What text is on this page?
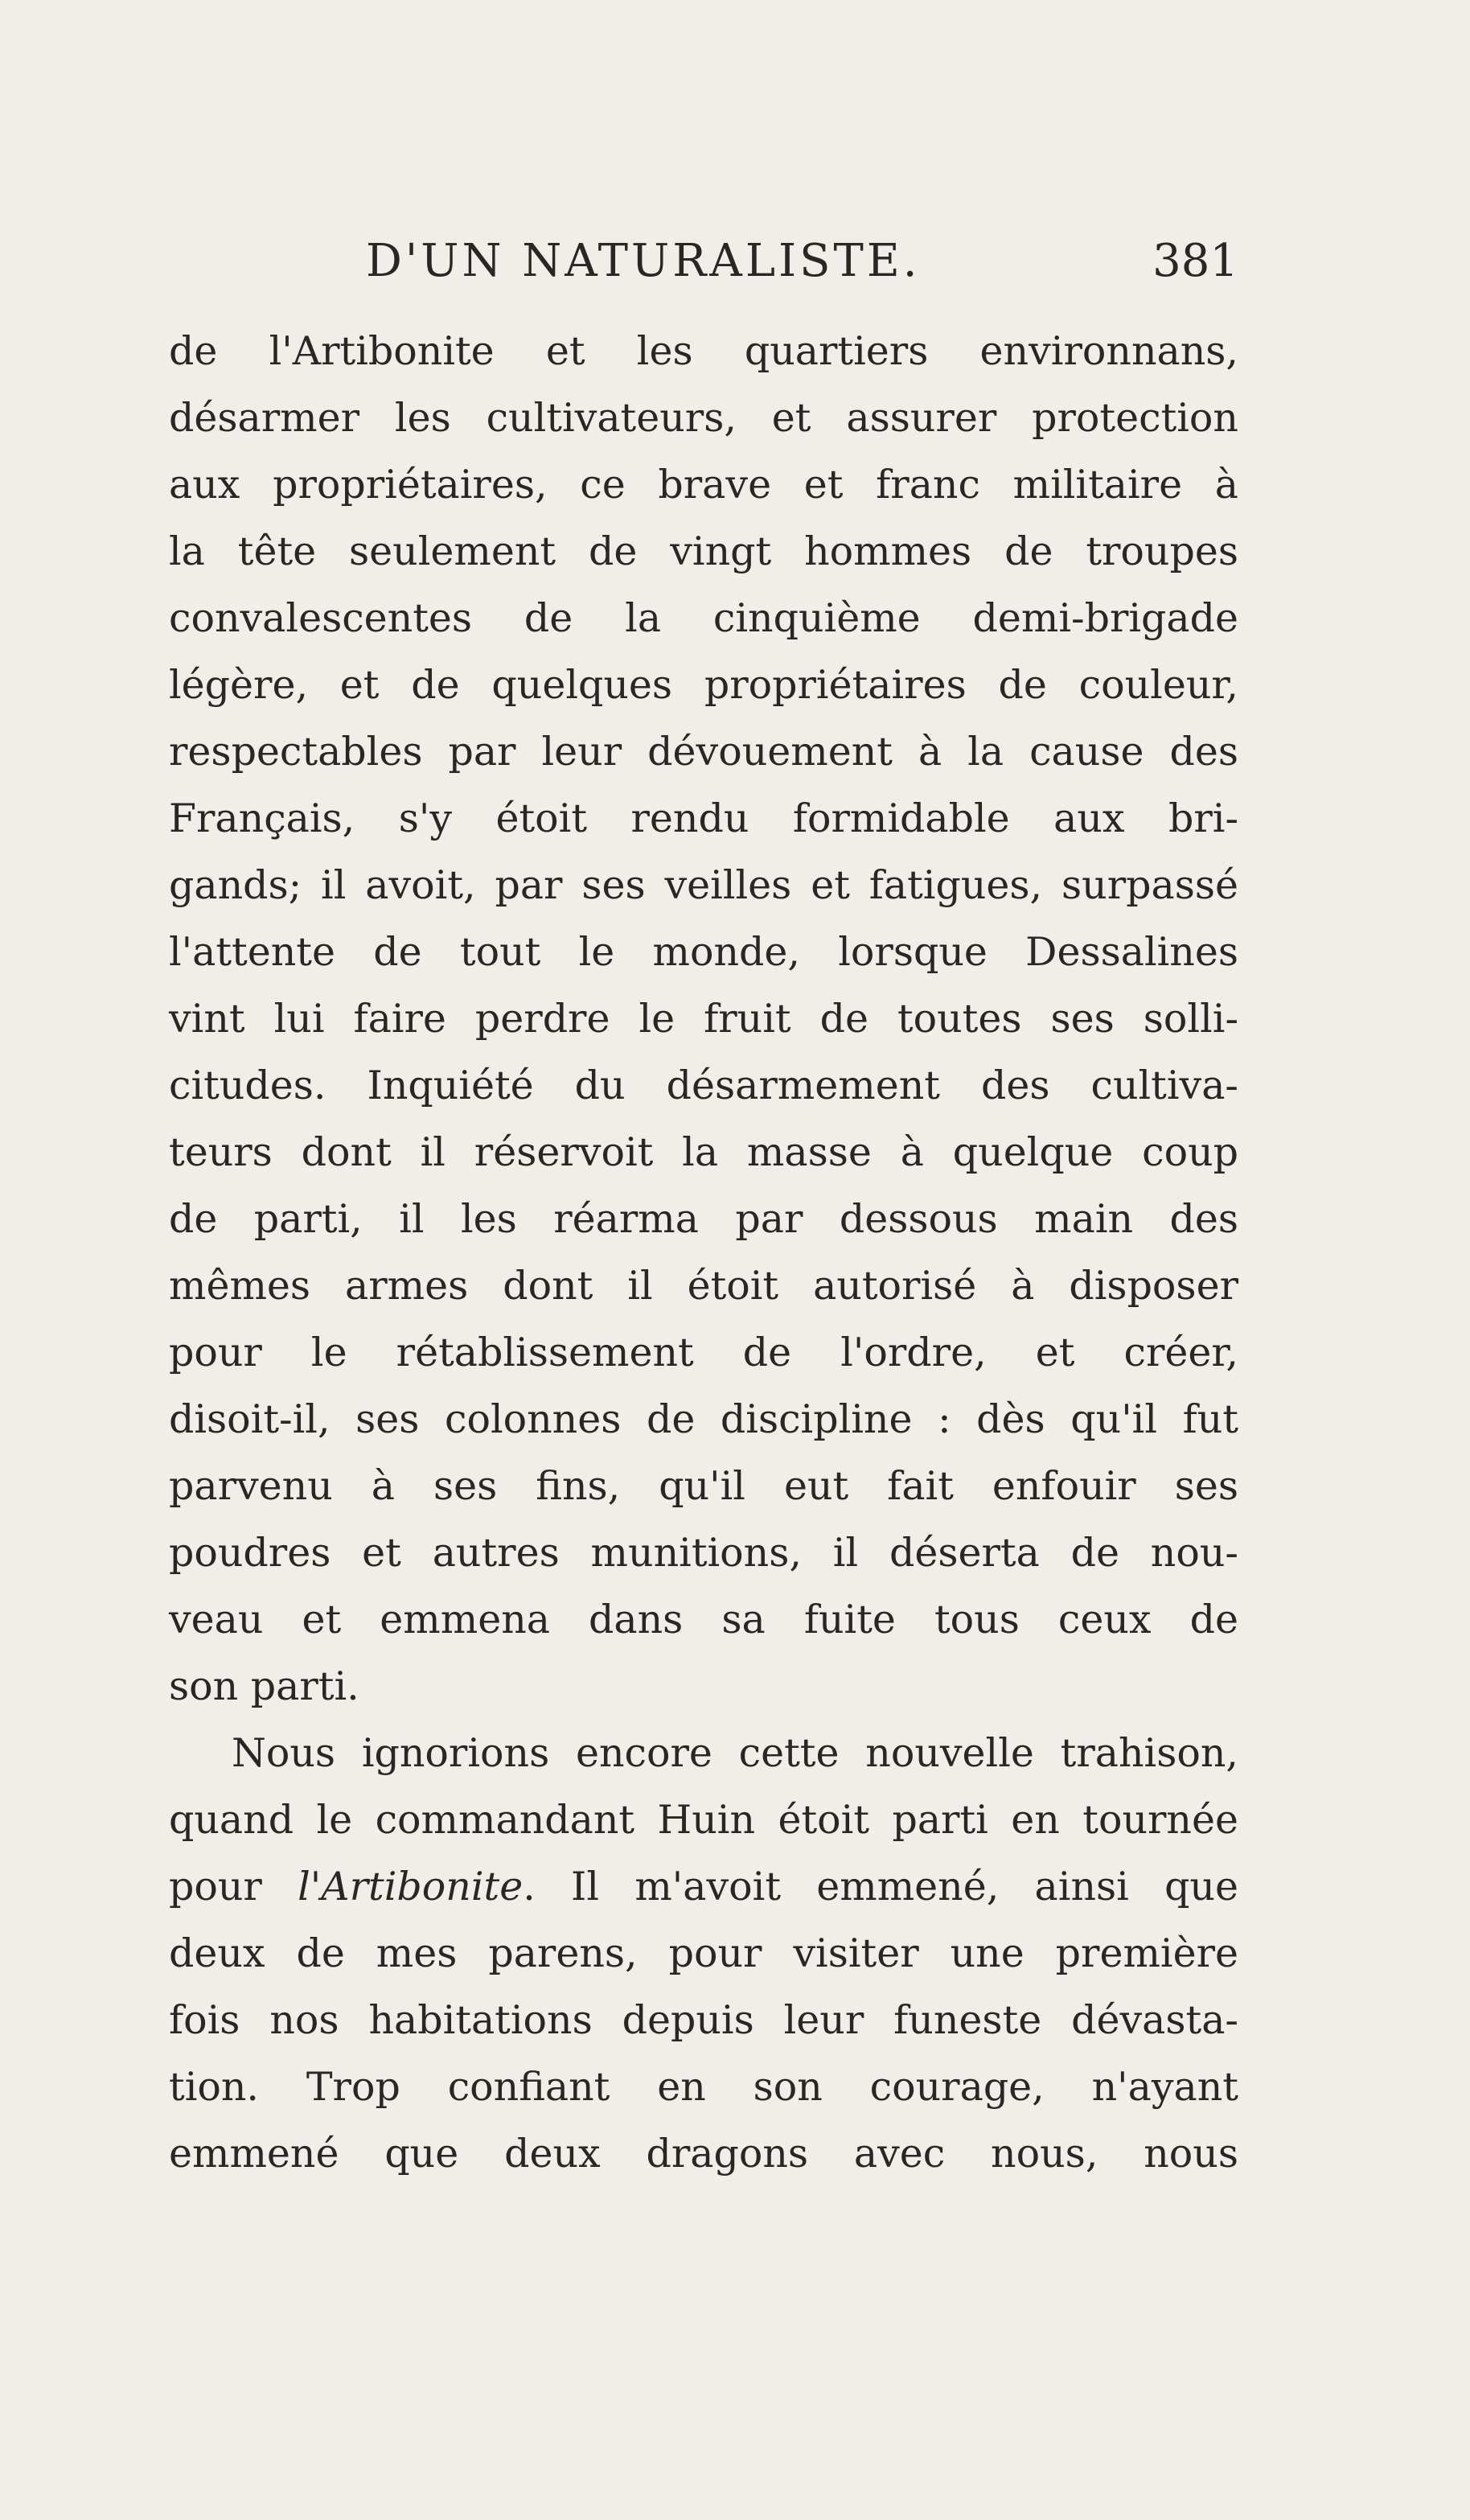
D'UN NATURALISTE.	381

de l'Artibonite et les quartiers environnans,
désarmer les cultivateurs, et assurer protection
aux propriétaires, ce brave et franc militaire à
la tête seulement de vingt hommes de troupes
convalescentes de la cinquième demi-brigade
légère, et de quelques propriétaires de couleur,
respectables par leur dévouement à la cause des
Français, s'y étoit rendu formidable aux bri-
gands; il avoit, par ses veilles et fatigues, surpassé
l'attente de tout le monde, lorsque Dessalines
vint lui faire perdre le fruit de toutes ses solli-
citudes. Inquiété du désarmement des cultiva-
teurs dont il réservoit la masse à quelque coup
de parti, il les réarma par dessous main des
mêmes armes dont il étoit autorisé à disposer
pour le rétablissement de l'ordre, et créer,
disoit-il, ses colonnes de discipline : dès qu'il fut
parvenu à ses fins, qu'il eut fait enfouir ses
poudres et autres munitions, il déserta de nou-
veau et emmena dans sa fuite tous ceux de
son parti.

Nous ignorions encore cette nouvelle trahison,
quand le commandant Huin étoit parti en tournée
pour l'Artibonite. Il m'avoit emmené, ainsi que
deux de mes parens, pour visiter une première
fois nos habitations depuis leur funeste dévasta-
tion. Trop confiant en son courage, n'ayant
emmené que deux dragons avec nous, nous
